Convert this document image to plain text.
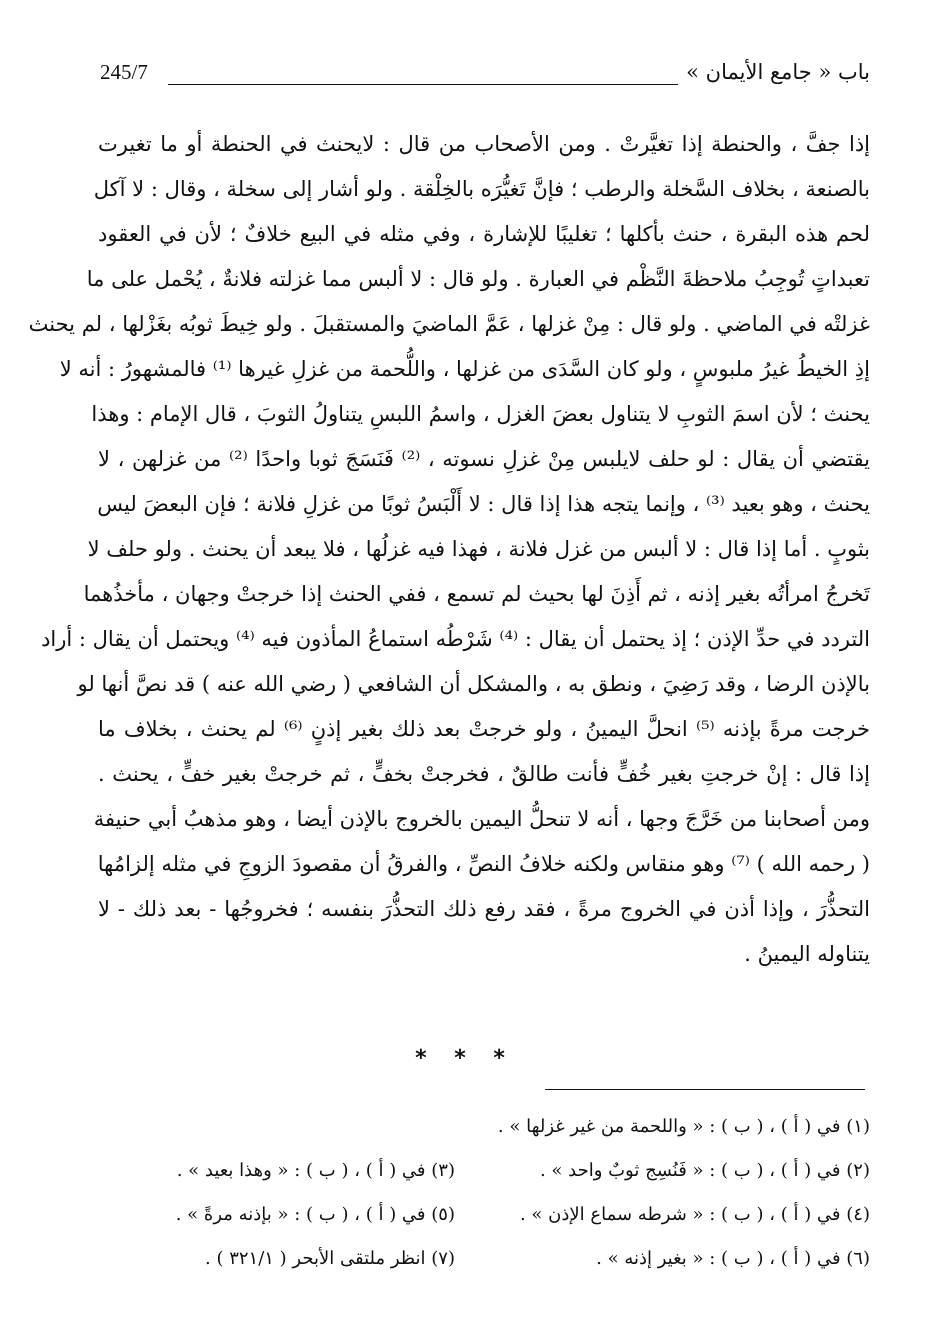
245/7	باب « جامع الأيمان »
إذا جفَّ ، والحنطة إذا تغيَّرتْ . ومن الأصحاب من قال : لايحنث في الحنطة أو ما تغيرت
بالصنعة ، بخلاف السَّخلة والرطب ؛ فإنَّ تَغيُّرَه بالخِلْقة . ولو أشار إلى سخلة ، وقال : لا آكل
لحم هذه البقرة ، حنث بأكلها ؛ تغليبًا للإشارة ، وفي مثله في البيع خلافٌ ؛ لأن في العقود
تعبداتٍ تُوجِبُ ملاحظةَ النَّظْم في العبارة . ولو قال : لا ألبس مما غزلته فلانةٌ ، يُحْمل على ما
غزلتْه في الماضي . ولو قال : مِنْ غزلها ، عَمَّ الماضيَ والمستقبلَ . ولو خِيطَ ثوبُه بغَزْلها ، لم يحنث
إذِ الخيطُ غيرُ ملبوسٍ ، ولو كان السَّدَى من غزلها ، واللُّحمة من غزلِ غيرها ⁽¹⁾ فالمشهورُ : أنه لا
يحنث ؛ لأن اسمَ الثوبِ لا يتناول بعضَ الغزل ، واسمُ اللبسِ يتناولُ الثوبَ ، قال الإمام : وهذا
يقتضي أن يقال : لو حلف لايلبس مِنْ غزلِ نسوته ، ⁽²⁾ فَنَسَجَ ثوبا واحدًا ⁽²⁾ من غزلهن ، لا
يحنث ، وهو بعيد ⁽³⁾ ، وإنما يتجه هذا إذا قال : لا أَلْبَسُ ثوبًا من غزلِ فلانة ؛ فإن البعضَ ليس
بثوبٍ . أما إذا قال : لا ألبس من غزل فلانة ، فهذا فيه غزلُها ، فلا يبعد أن يحنث . ولو حلف لا
تَخرجُ امرأتُه بغير إذنه ، ثم أَذِنَ لها بحيث لم تسمع ، ففي الحنث إذا خرجتْ وجهان ، مأخذُهما
التردد في حدِّ الإذن ؛ إذ يحتمل أن يقال : ⁽⁴⁾ شَرْطُه استماعُ المأذون فيه ⁽⁴⁾ ويحتمل أن يقال : أراد
بالإذن الرضا ، وقد رَضِيَ ، ونطق به ، والمشكل أن الشافعي ( رضي الله عنه ) قد نصَّ أنها لو
خرجت مرةً بإذنه ⁽⁵⁾ انحلَّ اليمينُ ، ولو خرجتْ بعد ذلك بغير إذنٍ ⁽⁶⁾ لم يحنث ، بخلاف ما
إذا قال : إنْ خرجتِ بغير خُفٍّ فأنت طالقٌ ، فخرجتْ بخفٍّ ، ثم خرجتْ بغير خفٍّ ، يحنث .
ومن أصحابنا من خَرَّجَ وجها ، أنه لا تنحلُّ اليمين بالخروج بالإذن أيضا ، وهو مذهبُ أبي حنيفة
( رحمه الله ) ⁽⁷⁾ وهو منقاس ولكنه خلافُ النصِّ ، والفرقُ أن مقصودَ الزوجِ في مثله إلزامُها
التحذُّرَ ، وإذا أذن في الخروج مرةً ، فقد رفع ذلك التحذُّرَ بنفسه ؛ فخروجُها - بعد ذلك - لا
يتناوله اليمينُ .
* * *
(١) في ( أ ) ، ( ب ) : « واللحمة من غير غزلها » .
(٢) في ( أ ) ، ( ب ) : « فَنُسِج ثوبٌ واحد » .
(٣) في ( أ ) ، ( ب ) : « وهذا بعيد » .
(٤) في ( أ ) ، ( ب ) : « شرطه سماع الإذن » .
(٥) في ( أ ) ، ( ب ) : « بإذنه مرةً » .
(٦) في ( أ ) ، ( ب ) : « بغير إذنه » .
(٧) انظر ملتقى الأبحر ( ٣٢١/١ ) .
